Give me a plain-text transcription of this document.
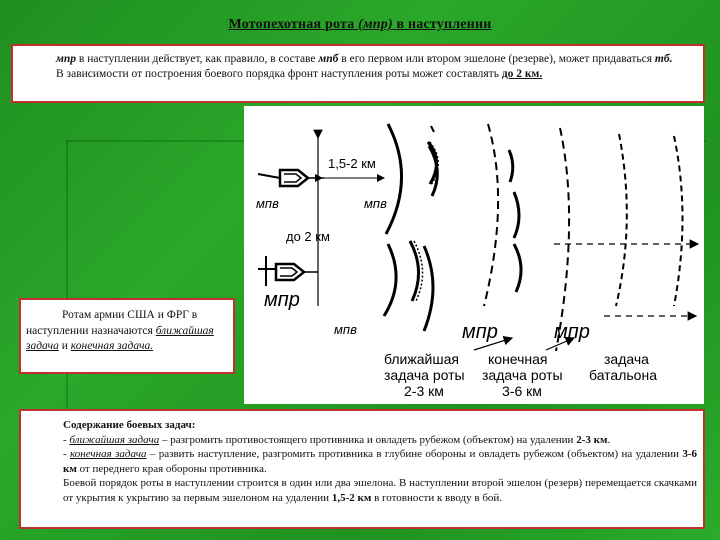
Мотопехотная рота (мпр) в наступлении

мпр в наступлении действует, как правило, в составе мпб в его первом или втором эшелоне (резерве), может придаваться тб.

В зависимости от построения боевого порядка фронт наступления роты может составлять до 2 км.

1,5-2 км
до 2 км
мпв	мпв
мпв
мпр
мпр	мпр
ближайшая задача роты 2-3 км
конечная задача роты 3-6 км
задача батальона
Ротам армии США и ФРГ в наступлении назначаются ближайшая задача и конечная задача.

Содержание боевых задач:

- ближайшая задача – разгромить противостоящего противника и овладеть рубежом (объектом) на удалении 2-3 км.

- конечная задача – развить наступление, разгромить противника в глубине обороны и овладеть рубежом (объектом) на удалении 3-6 км от переднего края обороны противника.

Боевой порядок роты в наступлении строится в один или два эшелона. В наступлении второй эшелон (резерв) перемещается скачками от укрытия к укрытию за первым эшелоном на удалении 1,5-2 км в готовности к вводу в бой.
